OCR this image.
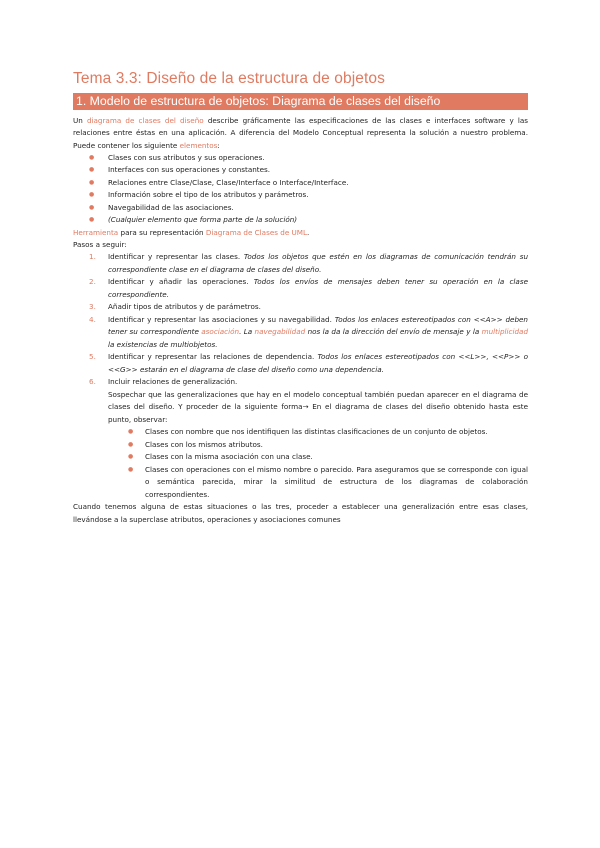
Tema 3.3: Diseño de la estructura de objetos
1. Modelo de estructura de objetos: Diagrama de clases del diseño

Un diagrama de clases del diseño describe gráficamente las especificaciones de las clases e interfaces software y las relaciones entre éstas en una aplicación. A diferencia del Modelo Conceptual representa la solución a nuestro problema. Puede contener los siguiente elementos:

● Clases con sus atributos y sus operaciones.
● Interfaces con sus operaciones y constantes.
● Relaciones entre Clase/Clase, Clase/Interface o Interface/Interface.
● Información sobre el tipo de los atributos y parámetros.
● Navegabilidad de las asociaciones.
● (Cualquier elemento que forma parte de la solución)

Herramienta para su representación Diagrama de Clases de UML.

Pasos a seguir:

1. Identificar y representar las clases. Todos los objetos que estén en los diagramas de comunicación tendrán su correspondiente clase en el diagrama de clases del diseño.
2. Identificar y añadir las operaciones. Todos los envíos de mensajes deben tener su operación en la clase correspondiente.
3. Añadir tipos de atributos y de parámetros.
4. Identificar y representar las asociaciones y su navegabilidad. Todos los enlaces estereotipados con <<A>> deben tener su correspondiente asociación. La navegabilidad nos la da la dirección del envío de mensaje y la multiplicidad la existencias de multiobjetos.
5. Identificar y representar las relaciones de dependencia. Todos los enlaces estereotipados con <<L>>, <<P>> o <<G>> estarán en el diagrama de clase del diseño como una dependencia.
6. Incluir relaciones de generalización.
Sospechar que las generalizaciones que hay en el modelo conceptual también puedan aparecer en el diagrama de clases del diseño. Y proceder de la siguiente forma→ En el diagrama de clases del diseño obtenido hasta este punto, observar:
● Clases con nombre que nos identifiquen las distintas clasificaciones de un conjunto de objetos.
● Clases con los mismos atributos.
● Clases con la misma asociación con una clase.
● Clases con operaciones con el mismo nombre o parecido. Para aseguramos que se corresponde con igual o semántica parecida, mirar la similitud de estructura de los diagramas de colaboración correspondientes.

Cuando tenemos alguna de estas situaciones o las tres, proceder a establecer una generalización entre esas clases, llevándose a la superclase atributos, operaciones y asociaciones comunes
